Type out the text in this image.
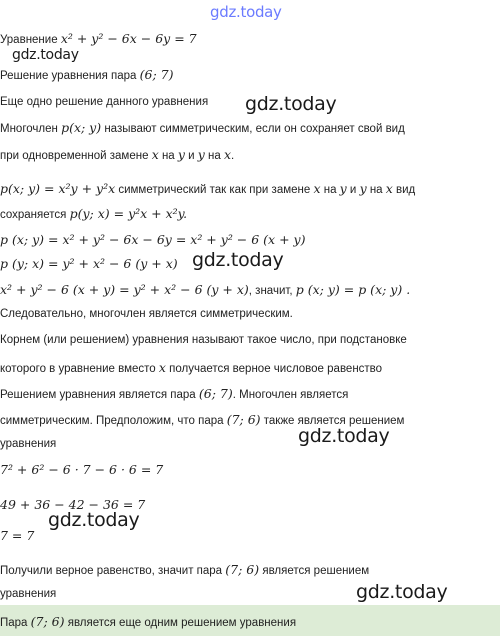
Уравнение x² + y² − 6x − 6y = 7
Решение уравнения пара (6; 7)
Еще одно решение данного уравнения
Многочлен p(x; y) называют симметрическим, если он сохраняет свой вид
при одновременной замене x на y и y на x.
p(x; y) = x²y + y²x симметрический так как при замене x на y и y на x вид
сохраняется p(y; x) = y²x + x²y.
p (x; y) = x² + y² − 6x − 6y = x² + y² − 6 (x + y)
p (y; x) = y² + x² − 6 (y + x)
x² + y² − 6 (x + y) = y² + x² − 6 (y + x), значит, p (x; y) = p (x; y) .
Следовательно, многочлен является симметрическим.
Корнем (или решением) уравнения называют такое число, при подстановке
которого в уравнение вместо x получается верное числовое равенство
Решением уравнения является пара (6; 7). Многочлен является
симметрическим. Предположим, что пара (7; 6) также является решением
уравнения
7² + 6² − 6 · 7 − 6 · 6 = 7
49 + 36 − 42 − 36 = 7
7 = 7
Получили верное равенство, значит пара (7; 6) является решением
уравнения
Пара (7; 6) является еще одним решением уравнения
gdz.today
gdz.today
gdz.today
gdz.today
gdz.today
gdz.today
gdz.today
